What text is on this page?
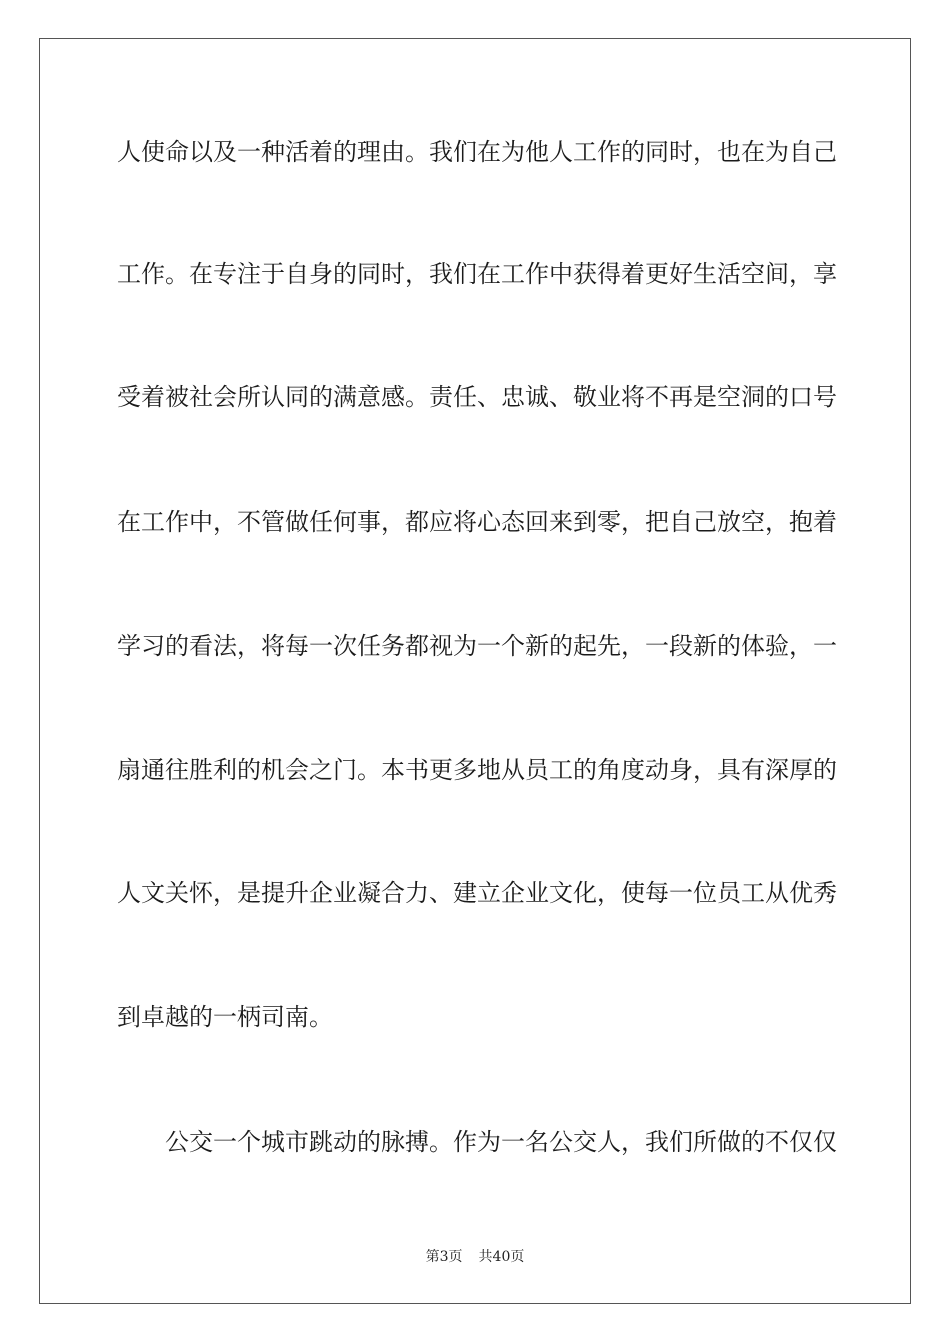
人使命以及一种活着的理由。我们在为他人工作的同时，也在为自己
工作。在专注于自身的同时，我们在工作中获得着更好生活空间，享
受着被社会所认同的满意感。责任、忠诚、敬业将不再是空洞的口号
在工作中，不管做任何事，都应将心态回来到零，把自己放空，抱着
学习的看法，将每一次任务都视为一个新的起先，一段新的体验，一
扇通往胜利的机会之门。本书更多地从员工的角度动身，具有深厚的
人文关怀，是提升企业凝合力、建立企业文化，使每一位员工从优秀
到卓越的一柄司南。
公交一个城市跳动的脉搏。作为一名公交人，我们所做的不仅仅
第3页 共40页
